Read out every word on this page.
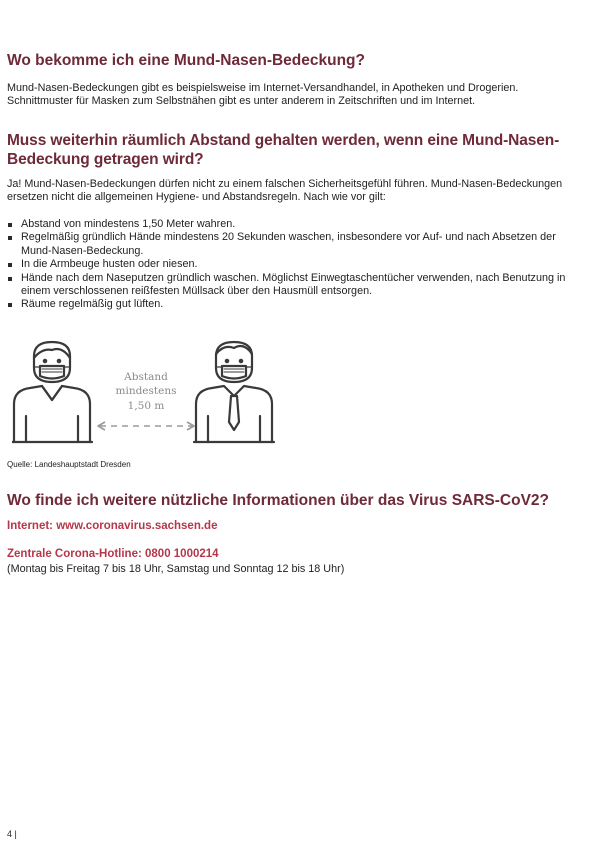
Wo bekomme ich eine Mund-Nasen-Bedeckung?

Mund-Nasen-Bedeckungen gibt es beispielsweise im Internet-Versandhandel, in Apotheken und Drogerien. Schnittmuster für Masken zum Selbstnähen gibt es unter anderem in Zeitschriften und im Internet.

Muss weiterhin räumlich Abstand gehalten werden, wenn eine Mund-Nasen-Bedeckung getragen wird?

Ja! Mund-Nasen-Bedeckungen dürfen nicht zu einem falschen Sicherheitsgefühl führen. Mund-Nasen-Bedeckungen ersetzen nicht die allgemeinen Hygiene- und Abstandsregeln. Nach wie vor gilt:

Abstand von mindestens 1,50 Meter wahren.
Regelmäßig gründlich Hände mindestens 20 Sekunden waschen, insbesondere vor Auf- und nach Absetzen der Mund-Nasen-Bedeckung.
In die Armbeuge husten oder niesen.
Hände nach dem Naseputzen gründlich waschen. Möglichst Einwegtaschentücher verwenden, nach Benutzung in einem verschlossenen reißfesten Müllsack über den Hausmüll entsorgen.
Räume regelmäßig gut lüften.
Abstand
mindestens
1,50 m
Quelle: Landeshauptstadt Dresden
Wo finde ich weitere nützliche Informationen über das Virus SARS-CoV2?
Internet: www.coronavirus.sachsen.de
Zentrale Corona-Hotline: 0800 1000214
(Montag bis Freitag 7 bis 18 Uhr, Samstag und Sonntag 12 bis 18 Uhr)
4 |
